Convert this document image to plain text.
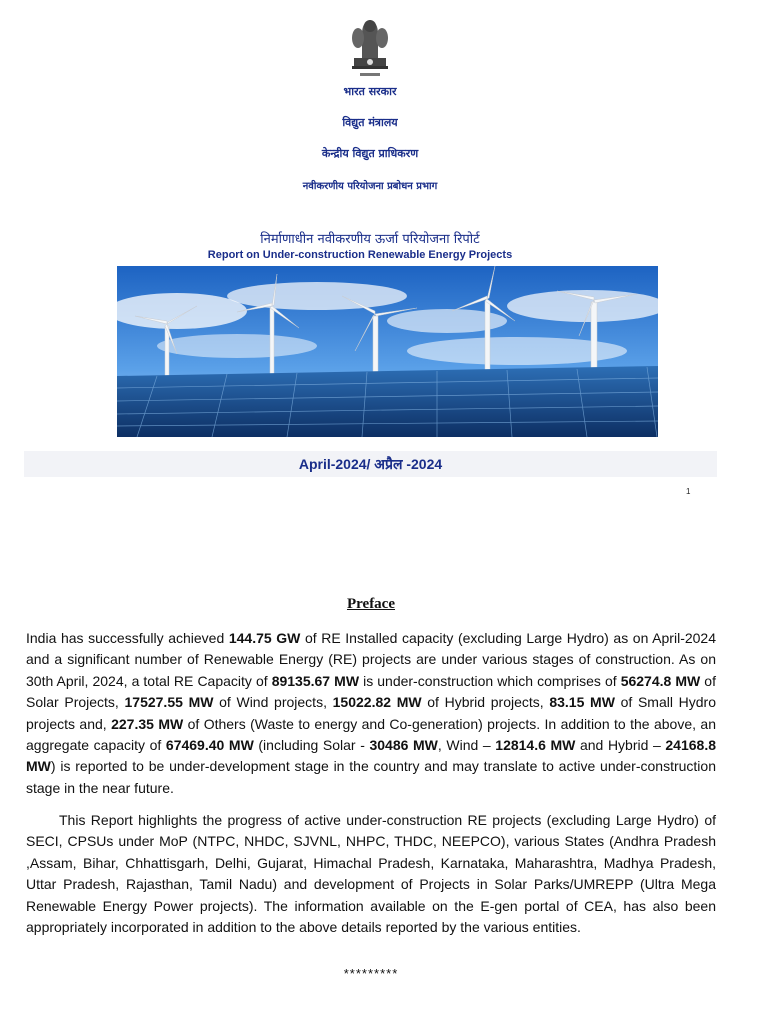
भारत सरकार
विद्युत मंत्रालय
केन्द्रीय विद्युत प्राधिकरण
नवीकरणीय परियोजना प्रबोधन प्रभाग
निर्माणाधीन नवीकरणीय ऊर्जा परियोजना रिपोर्ट
Report on Under-construction Renewable Energy Projects
April-2024/ अप्रैल -2024
1
Preface

India has successfully achieved 144.75 GW of RE Installed capacity (excluding Large Hydro) as on April-2024 and a significant number of Renewable Energy (RE) projects are under various stages of construction. As on 30th April, 2024, a total RE Capacity of 89135.67 MW is under-construction which comprises of 56274.8 MW of Solar Projects, 17527.55 MW of Wind projects, 15022.82 MW of Hybrid projects, 83.15 MW of Small Hydro projects and, 227.35 MW of Others (Waste to energy and Co-generation) projects. In addition to the above, an aggregate capacity of 67469.40 MW (including Solar - 30486 MW, Wind – 12814.6 MW and Hybrid – 24168.8 MW) is reported to be under-development stage in the country and may translate to active under-construction stage in the near future.

This Report highlights the progress of active under-construction RE projects (excluding Large Hydro) of SECI, CPSUs under MoP (NTPC, NHDC, SJVNL, NHPC, THDC, NEEPCO), various States (Andhra Pradesh ,Assam, Bihar, Chhattisgarh, Delhi, Gujarat, Himachal Pradesh, Karnataka, Maharashtra, Madhya Pradesh, Uttar Pradesh, Rajasthan, Tamil Nadu) and development of Projects in Solar Parks/UMREPP (Ultra Mega Renewable Energy Power projects). The information available on the E-gen portal of CEA, has also been appropriately incorporated in addition to the above details reported by the various entities.

*********
